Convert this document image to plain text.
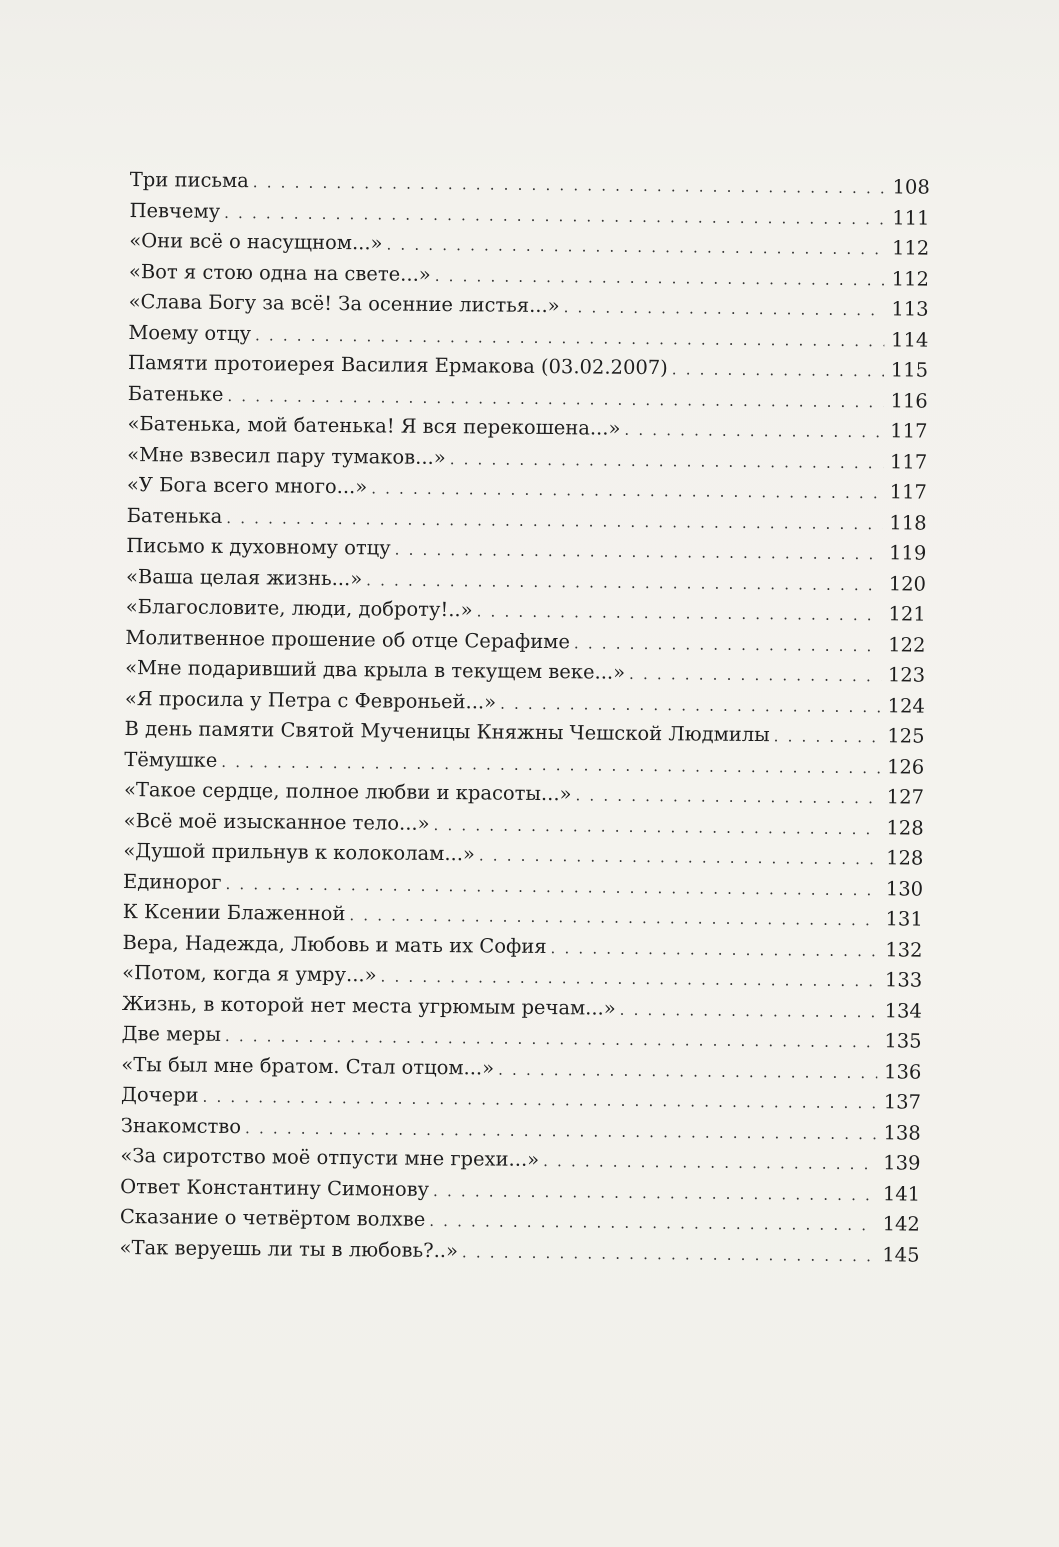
Три письма . . .	108
Певчему . . .	111
«Они всё о насущном...» . . .	112
«Вот я стою одна на свете...» . . .	112
«Слава Богу за всё! За осенние листья...» . . .	113
Моему отцу . . .	114
Памяти протоиерея Василия Ермакова (03.02.2007) . . .	115
Батеньке . . .	116
«Батенька, мой батенька! Я вся перекошена...» . . .	117
«Мне взвесил пару тумаков...» . . .	117
«У Бога всего много...» . . .	117
Батенька . . .	118
Письмо к духовному отцу . . .	119
«Ваша целая жизнь...» . . .	120
«Благословите, люди, доброту!..» . . .	121
Молитвенное прошение об отце Серафиме . . .	122
«Мне подаривший два крыла в текущем веке...» . . .	123
«Я просила у Петра с Февроньей...» . . .	124
В день памяти Святой Мученицы Княжны Чешской Людмилы . . .	125
Тёмушке . . .	126
«Такое сердце, полное любви и красоты...» . . .	127
«Всё моё изысканное тело...» . . .	128
«Душой прильнув к колоколам...» . . .	128
Единорог . . .	130
К Ксении Блаженной . . .	131
Вера, Надежда, Любовь и мать их София . . .	132
«Потом, когда я умру...» . . .	133
Жизнь, в которой нет места угрюмым речам...» . . .	134
Две меры . . .	135
«Ты был мне братом. Стал отцом...» . . .	136
Дочери . . .	137
Знакомство . . .	138
«За сиротство моё отпусти мне грехи...» . . .	139
Ответ Константину Симонову . . .	141
Сказание о четвёртом волхве . . .	142
«Так веруешь ли ты в любовь?..» . . .	145
